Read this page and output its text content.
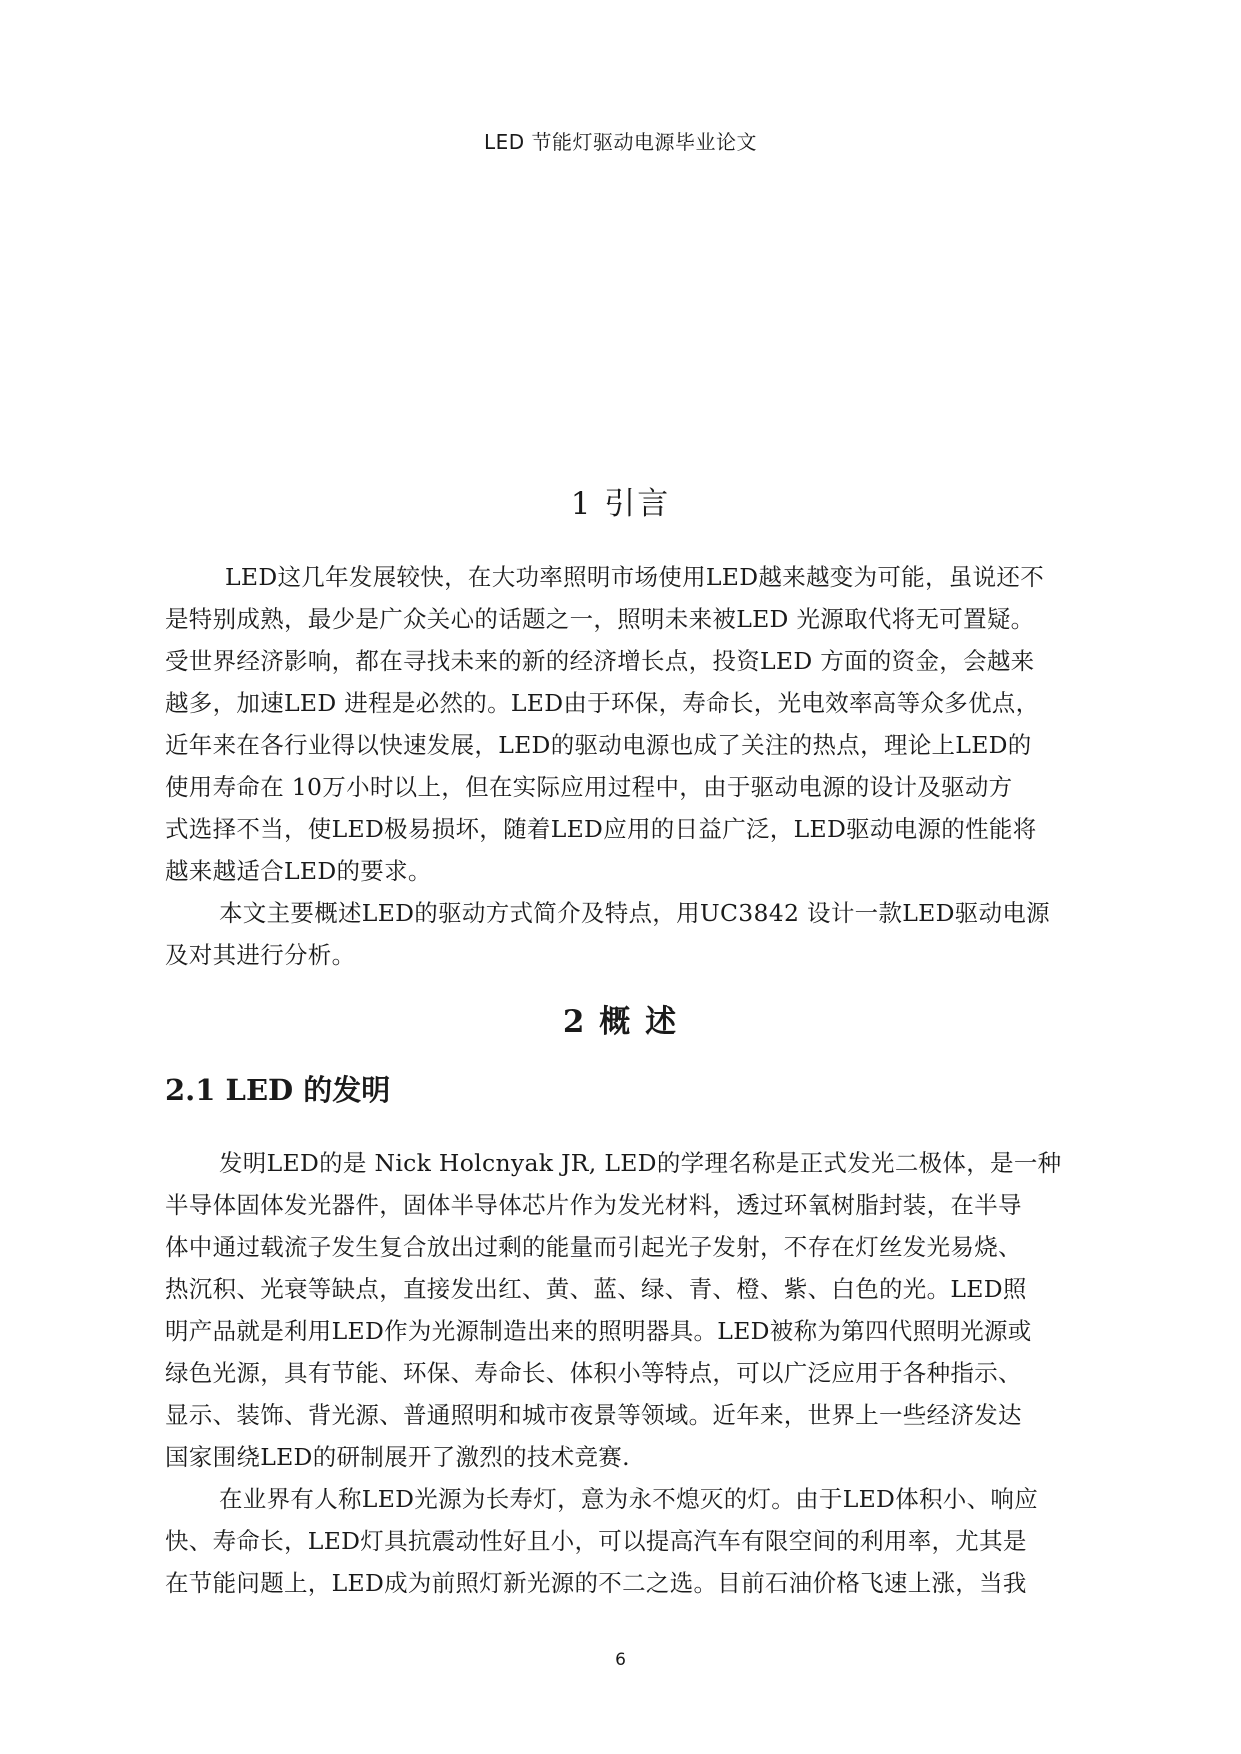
LED 节能灯驱动电源毕业论文
1 引言
LED这几年发展较快，在大功率照明市场使用LED越来越变为可能，虽说还不
是特别成熟，最少是广众关心的话题之一，照明未来被LED 光源取代将无可置疑。
受世界经济影响，都在寻找未来的新的经济增长点，投资LED 方面的资金，会越来
越多，加速LED 进程是必然的。LED由于环保，寿命长，光电效率高等众多优点，
近年来在各行业得以快速发展，LED的驱动电源也成了关注的热点，理论上LED的
使用寿命在 10万小时以上，但在实际应用过程中，由于驱动电源的设计及驱动方
式选择不当，使LED极易损坏，随着LED应用的日益广泛，LED驱动电源的性能将
越来越适合LED的要求。
本文主要概述LED的驱动方式简介及特点，用UC3842 设计一款LED驱动电源
及对其进行分析。
2 概 述
2.1 LED 的发明
发明LED的是 Nick Holcnyak JR, LED的学理名称是正式发光二极体，是一种
半导体固体发光器件，固体半导体芯片作为发光材料，透过环氧树脂封装，在半导
体中通过载流子发生复合放出过剩的能量而引起光子发射，不存在灯丝发光易烧、
热沉积、光衰等缺点，直接发出红、黄、蓝、绿、青、橙、紫、白色的光。LED照
明产品就是利用LED作为光源制造出来的照明器具。LED被称为第四代照明光源或
绿色光源，具有节能、环保、寿命长、体积小等特点，可以广泛应用于各种指示、
显示、装饰、背光源、普通照明和城市夜景等领域。近年来，世界上一些经济发达
国家围绕LED的研制展开了激烈的技术竞赛.
在业界有人称LED光源为长寿灯，意为永不熄灭的灯。由于LED体积小、响应
快、寿命长，LED灯具抗震动性好且小，可以提高汽车有限空间的利用率，尤其是
在节能问题上，LED成为前照灯新光源的不二之选。目前石油价格飞速上涨，当我
6
